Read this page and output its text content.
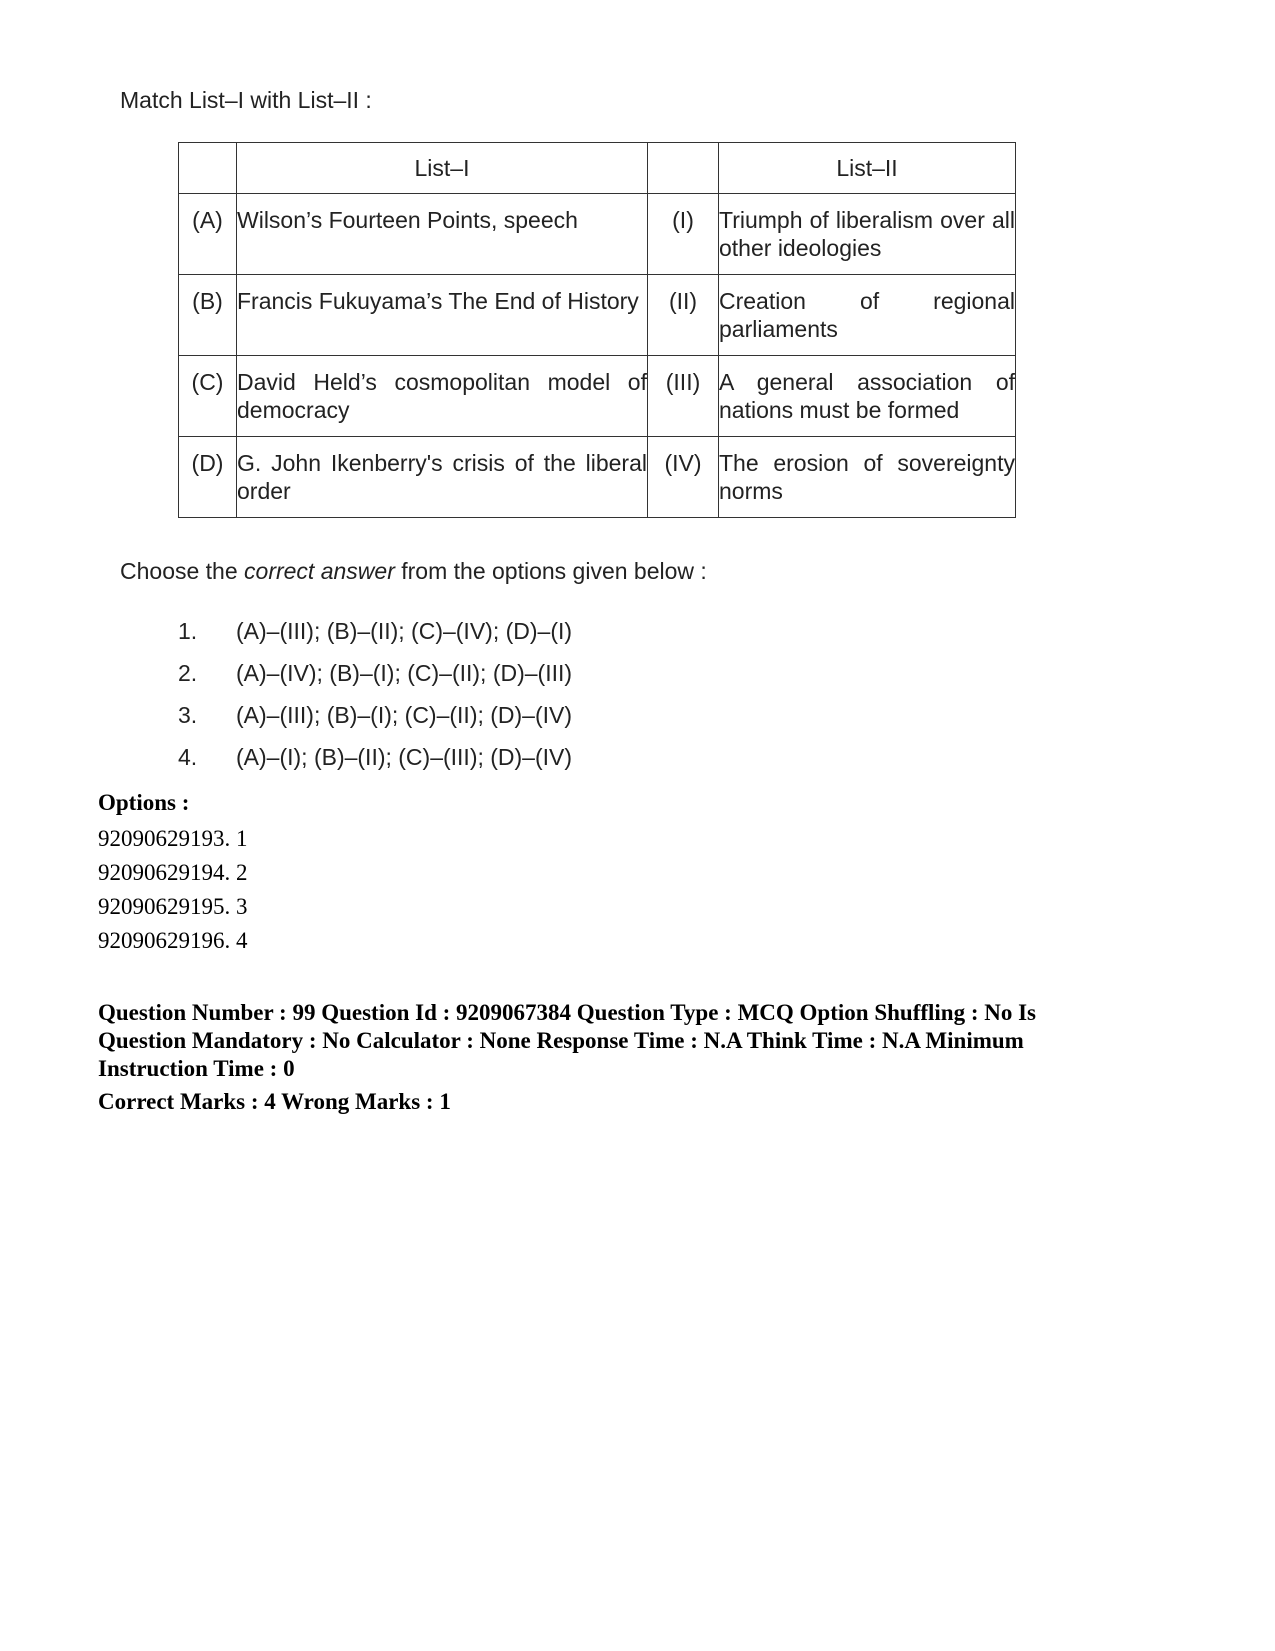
Match List–I with List–II :

	List–I		List–II
(A)	Wilson’s Fourteen Points, speech	(I)	Triumph of liberalism over all other ideologies
(B)	Francis Fukuyama’s The End of History	(II)	Creation of regional parliaments
(C)	David Held’s cosmopolitan model of democracy	(III)	A general association of nations must be formed
(D)	G. John Ikenberry's crisis of the liberal order	(IV)	The erosion of sovereignty norms

Choose the correct answer from the options given below :

1. (A)–(III); (B)–(II); (C)–(IV); (D)–(I)
2. (A)–(IV); (B)–(I); (C)–(II); (D)–(III)
3. (A)–(III); (B)–(I); (C)–(II); (D)–(IV)
4. (A)–(I); (B)–(II); (C)–(III); (D)–(IV)

Options :

92090629193. 1
92090629194. 2
92090629195. 3
92090629196. 4

Question Number : 99 Question Id : 9209067384 Question Type : MCQ Option Shuffling : No Is Question Mandatory : No Calculator : None Response Time : N.A Think Time : N.A Minimum Instruction Time : 0

Correct Marks : 4 Wrong Marks : 1
